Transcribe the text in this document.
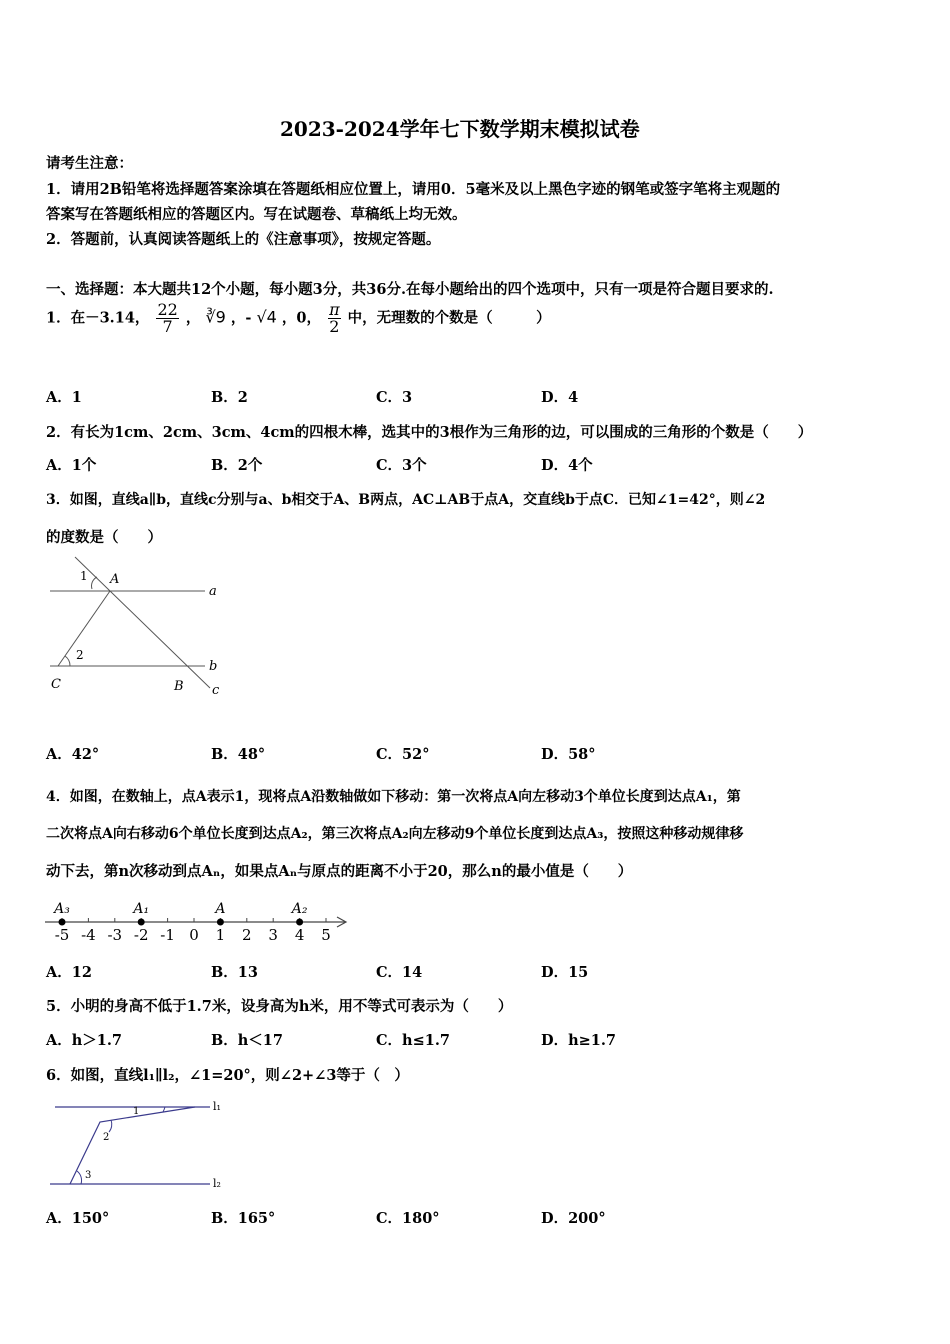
2023-2024学年七下数学期末模拟试卷
请考生注意：
1．请用2B铅笔将选择题答案涂填在答题纸相应位置上，请用0．5毫米及以上黑色字迹的钢笔或签字笔将主观题的
答案写在答题纸相应的答题区内。写在试题卷、草稿纸上均无效。
2．答题前，认真阅读答题纸上的《注意事项》，按规定答题。
一、选择题：本大题共12个小题，每小题3分，共36分.在每小题给出的四个选项中，只有一项是符合题目要求的.
1．在－3.14， $\frac{22}{7}$ ， ∛9 ，- √4 ，0， $\frac{\pi}{2}$ 中，无理数的个数是（　　　）
A．1	B．2	C．3	D．4
2．有长为1cm、2cm、3cm、4cm的四根木棒，选其中的3根作为三角形的边，可以围成的三角形的个数是（　　）
A．1个	B．2个	C．3个	D．4个
3．如图，直线a∥b，直线c分别与a、b相交于A、B两点，AC⊥AB于点A，交直线b于点C．已知∠1=42°，则∠2
的度数是（　　）
1 A
a
2
b
C	B c
A．42°	B．48°	C．52°	D．58°
4．如图，在数轴上，点A表示1，现将点A沿数轴做如下移动：第一次将点A向左移动3个单位长度到达点A₁，第
二次将点A向右移动6个单位长度到达点A₂，第三次将点A₂向左移动9个单位长度到达点A₃，按照这种移动规律移
动下去，第n次移动到点Aₙ，如果点Aₙ与原点的距离不小于20，那么n的最小值是（　　）
-5 -4 -3 -2 -1 0 1 2 3 4 5
A₃	A₁	A	A₂
A．12	B．13	C．14	D．15
5．小明的身高不低于1.7米，设身高为h米，用不等式可表示为（　　）
A．h＞1.7	B．h＜17	C．h≤1.7	D．h≥1.7
6．如图，直线l₁∥l₂，∠1=20°，则∠2+∠3等于（　）
l₁
l₂
1
2
3
A．150°	B．165°	C．180°	D．200°
